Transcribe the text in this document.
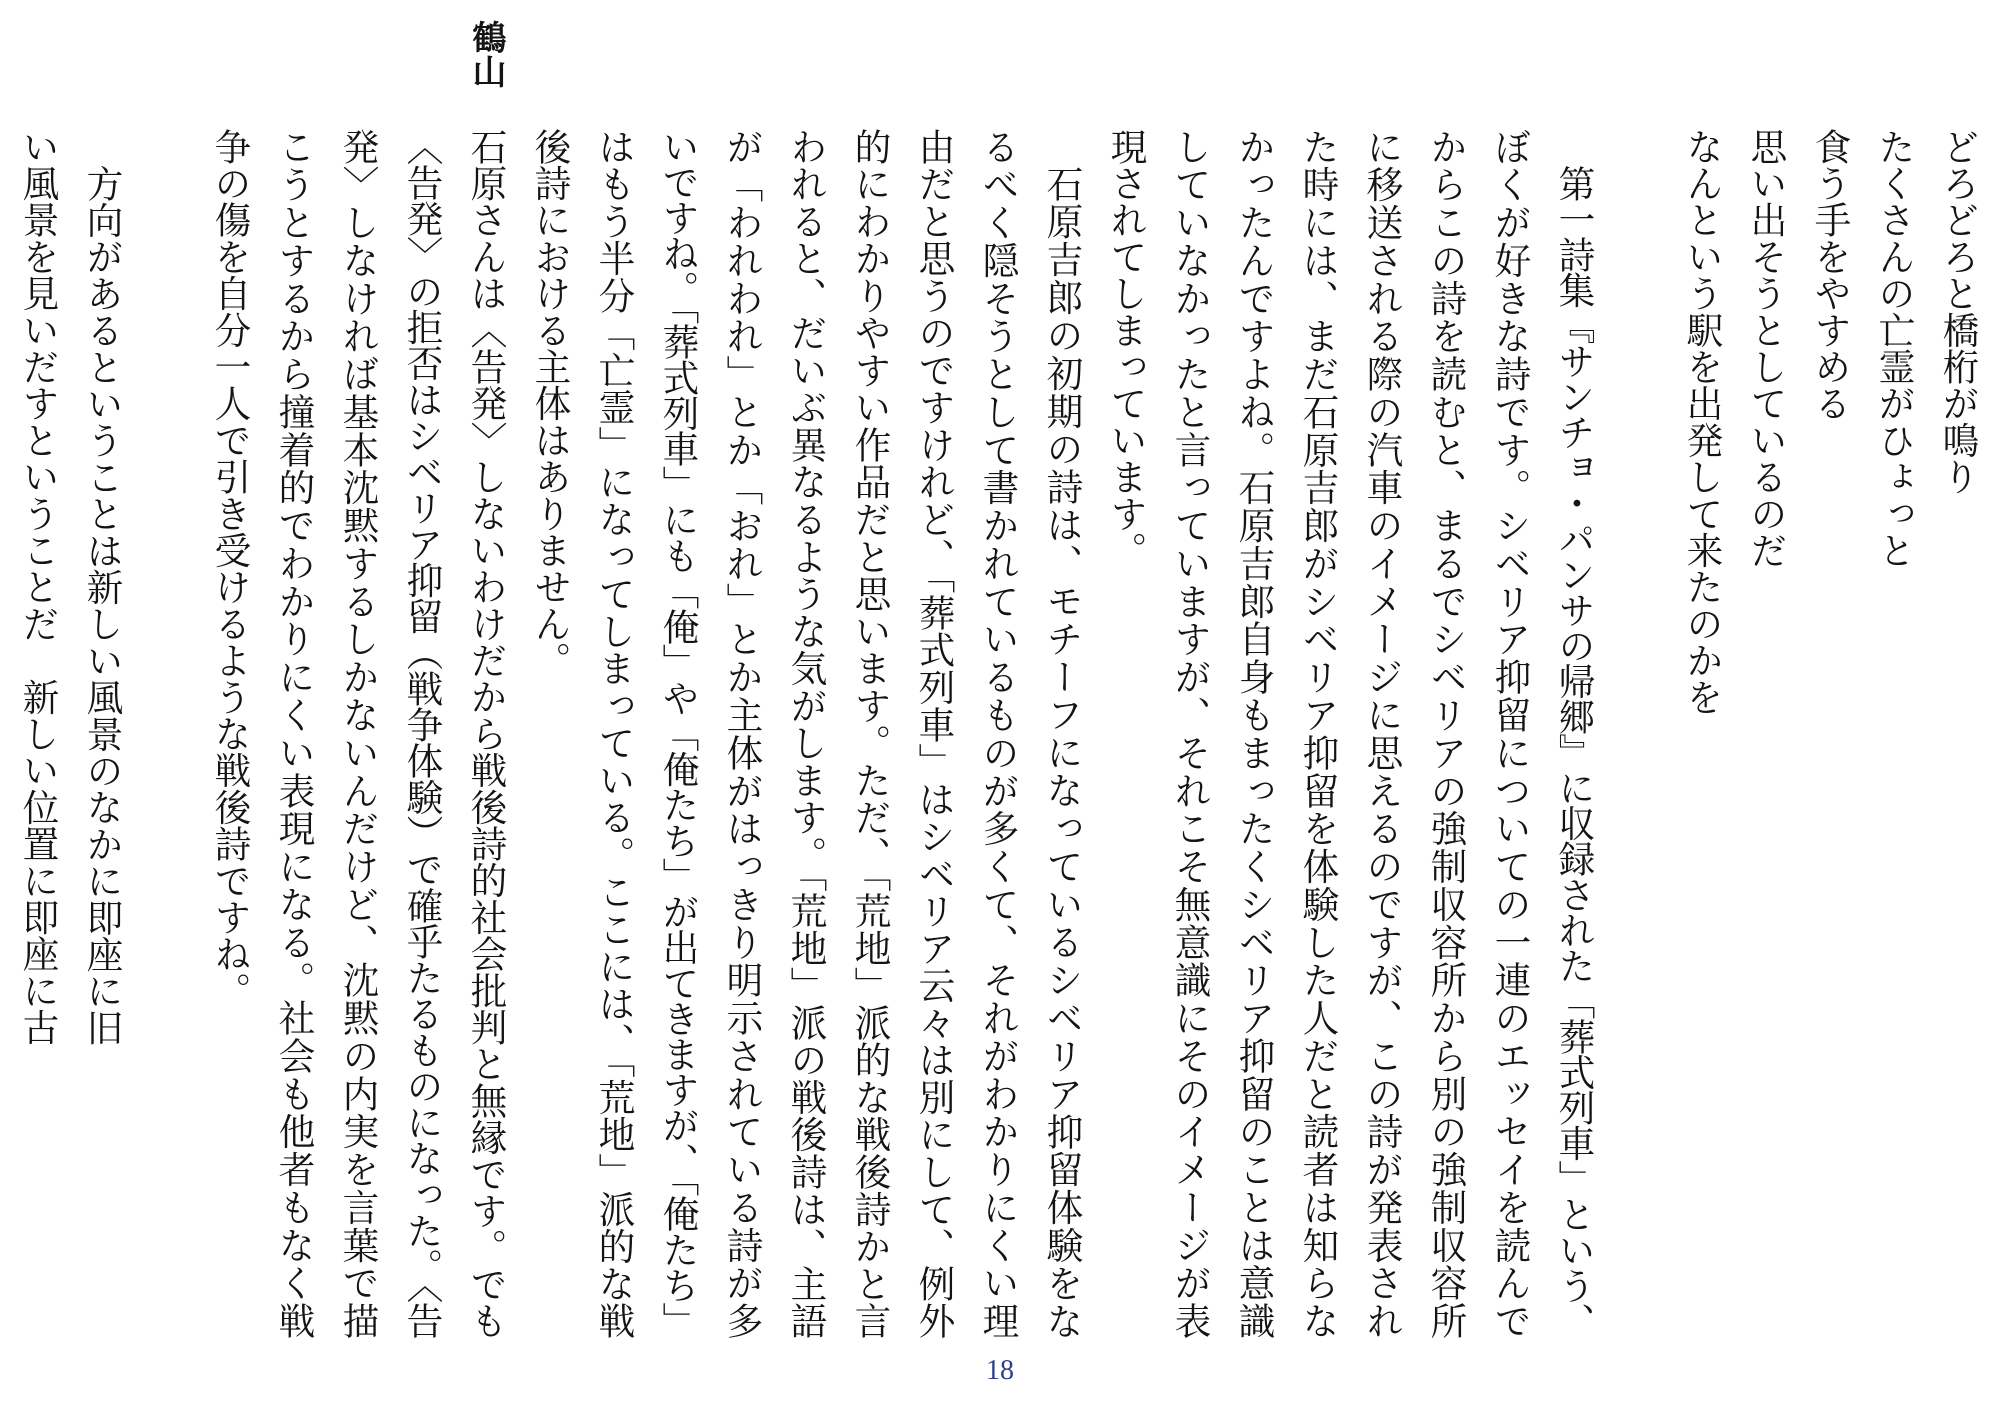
どろどろと橋桁が鳴り
たくさんの亡霊がひょっと
食う手をやすめる
思い出そうとしているのだ
なんという駅を出発して来たのかを
第一詩集『サンチョ・パンサの帰郷』に収録された「葬式列車」という、
ぼくが好きな詩です。シベリア抑留についての一連のエッセイを読んで
からこの詩を読むと、まるでシベリアの強制収容所から別の強制収容所
に移送される際の汽車のイメージに思えるのですが、この詩が発表され
た時には、まだ石原吉郎がシベリア抑留を体験した人だと読者は知らな
かったんですよね。石原吉郎自身もまったくシベリア抑留のことは意識
していなかったと言っていますが、それこそ無意識にそのイメージが表
現されてしまっています。
石原吉郎の初期の詩は、モチーフになっているシベリア抑留体験をな
るべく隠そうとして書かれているものが多くて、それがわかりにくい理
由だと思うのですけれど、「葬式列車」はシベリア云々は別にして、例外
的にわかりやすい作品だと思います。ただ、「荒地」派的な戦後詩かと言
われると、だいぶ異なるような気がします。「荒地」派の戦後詩は、主語
が「われわれ」とか「おれ」とか主体がはっきり明示されている詩が多
いですね。「葬式列車」にも「俺」や「俺たち」が出てきますが、「俺たち」
はもう半分「亡霊」になってしまっている。ここには、「荒地」派的な戦
後詩における主体はありません。
石原さんは〈告発〉しないわけだから戦後詩的社会批判と無縁です。でも
〈告発〉の拒否はシベリア抑留（戦争体験）で確乎たるものになった。〈告
発〉しなければ基本沈黙するしかないんだけど、沈黙の内実を言葉で描
こうとするから撞着的でわかりにくい表現になる。社会も他者もなく戦
争の傷を自分一人で引き受けるような戦後詩ですね。
方向があるということは新しい風景のなかに即座に旧
い風景を見いだすということだ　新しい位置に即座に古
鶴山
18
